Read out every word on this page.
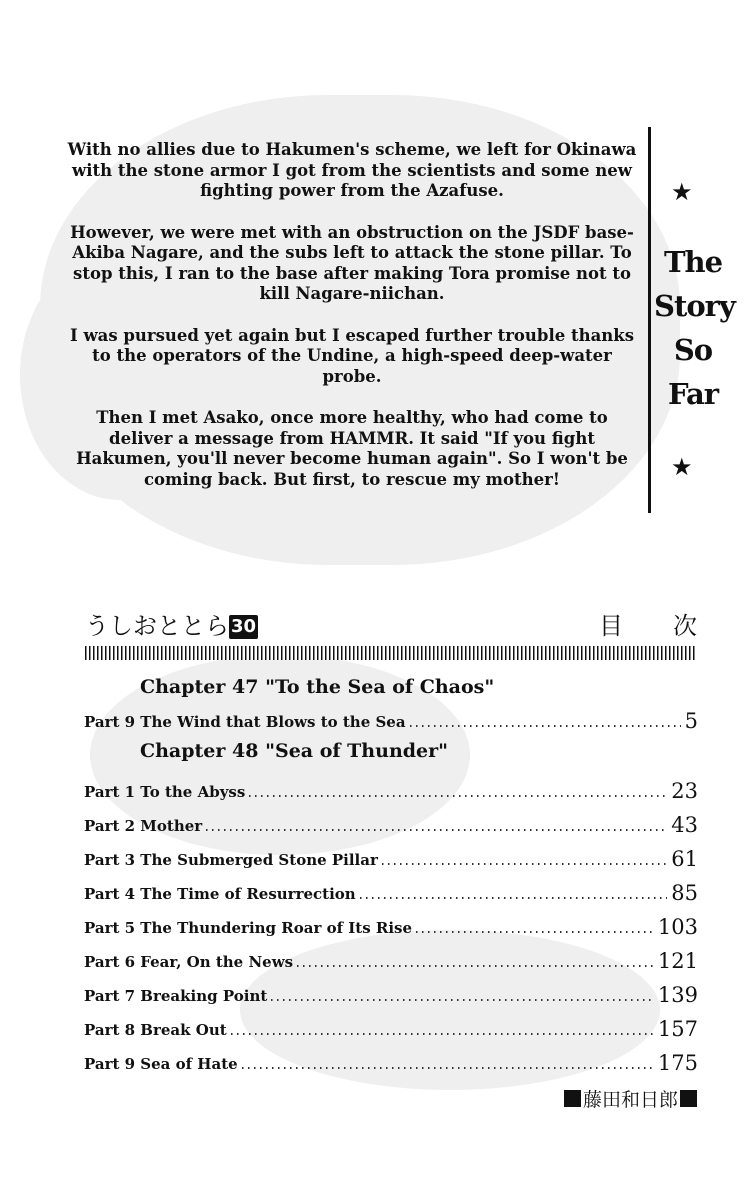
With no allies due to Hakumen's scheme, we left for Okinawa with the stone armor I got from the scientists and some new fighting power from the Azafuse.

However, we were met with an obstruction on the JSDF base- Akiba Nagare, and the subs left to attack the stone pillar. To stop this, I ran to the base after making Tora promise not to kill Nagare-niichan.

I was pursued yet again but I escaped further trouble thanks to the operators of the Undine, a high-speed deep-water probe.

Then I met Asako, once more healthy, who had come to deliver a message from HAMMR. It said "If you fight Hakumen, you'll never become human again". So I won't be coming back. But first, to rescue my mother!

★
The
Story
So
Far
★
うしおととら 30	目次
Chapter 47 "To the Sea of Chaos"
Part 9 The Wind that Blows to the Sea	5
Chapter 48 "Sea of Thunder"
Part 1 To the Abyss	23
Part 2 Mother	43
Part 3 The Submerged Stone Pillar	61
Part 4 The Time of Resurrection	85
Part 5 The Thundering Roar of Its Rise	103
Part 6 Fear, On the News	121
Part 7 Breaking Point	139
Part 8 Break Out	157
Part 9 Sea of Hate	175
藤田和日郎
